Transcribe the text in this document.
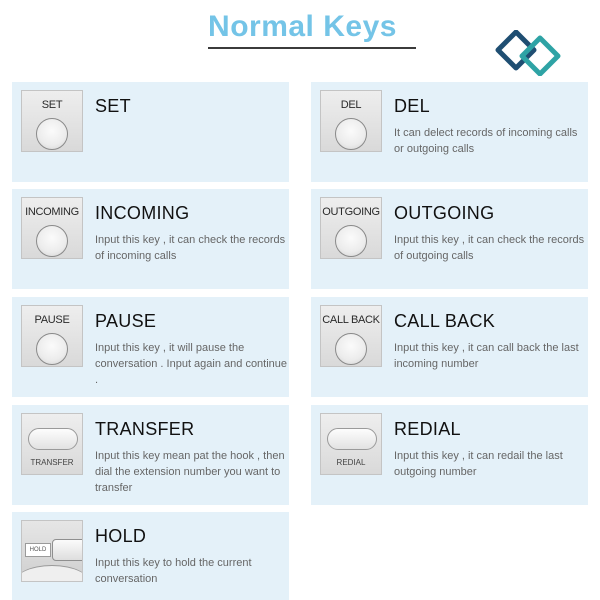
Normal Keys
SET	SET	DEL	DEL
It can delect records of incoming calls or outgoing calls
INCOMING INCOMING
Input this key , it can check the records of incoming calls
OUTGOING OUTGOING
Input this key , it can check the records of outgoing calls
PAUSE	PAUSE
Input this key , it will pause the conversation . Input again and continue .
CALL BACK CALL BACK
Input this key , it can call back the last incoming number
TRANSFER
TRANSFER
Input this key mean pat the hook , then dial the extension number you want to transfer
REDIAL
REDIAL
Input this key , it can redail the last outgoing number
HOLD
HOLD
Input this key to hold the current conversation
